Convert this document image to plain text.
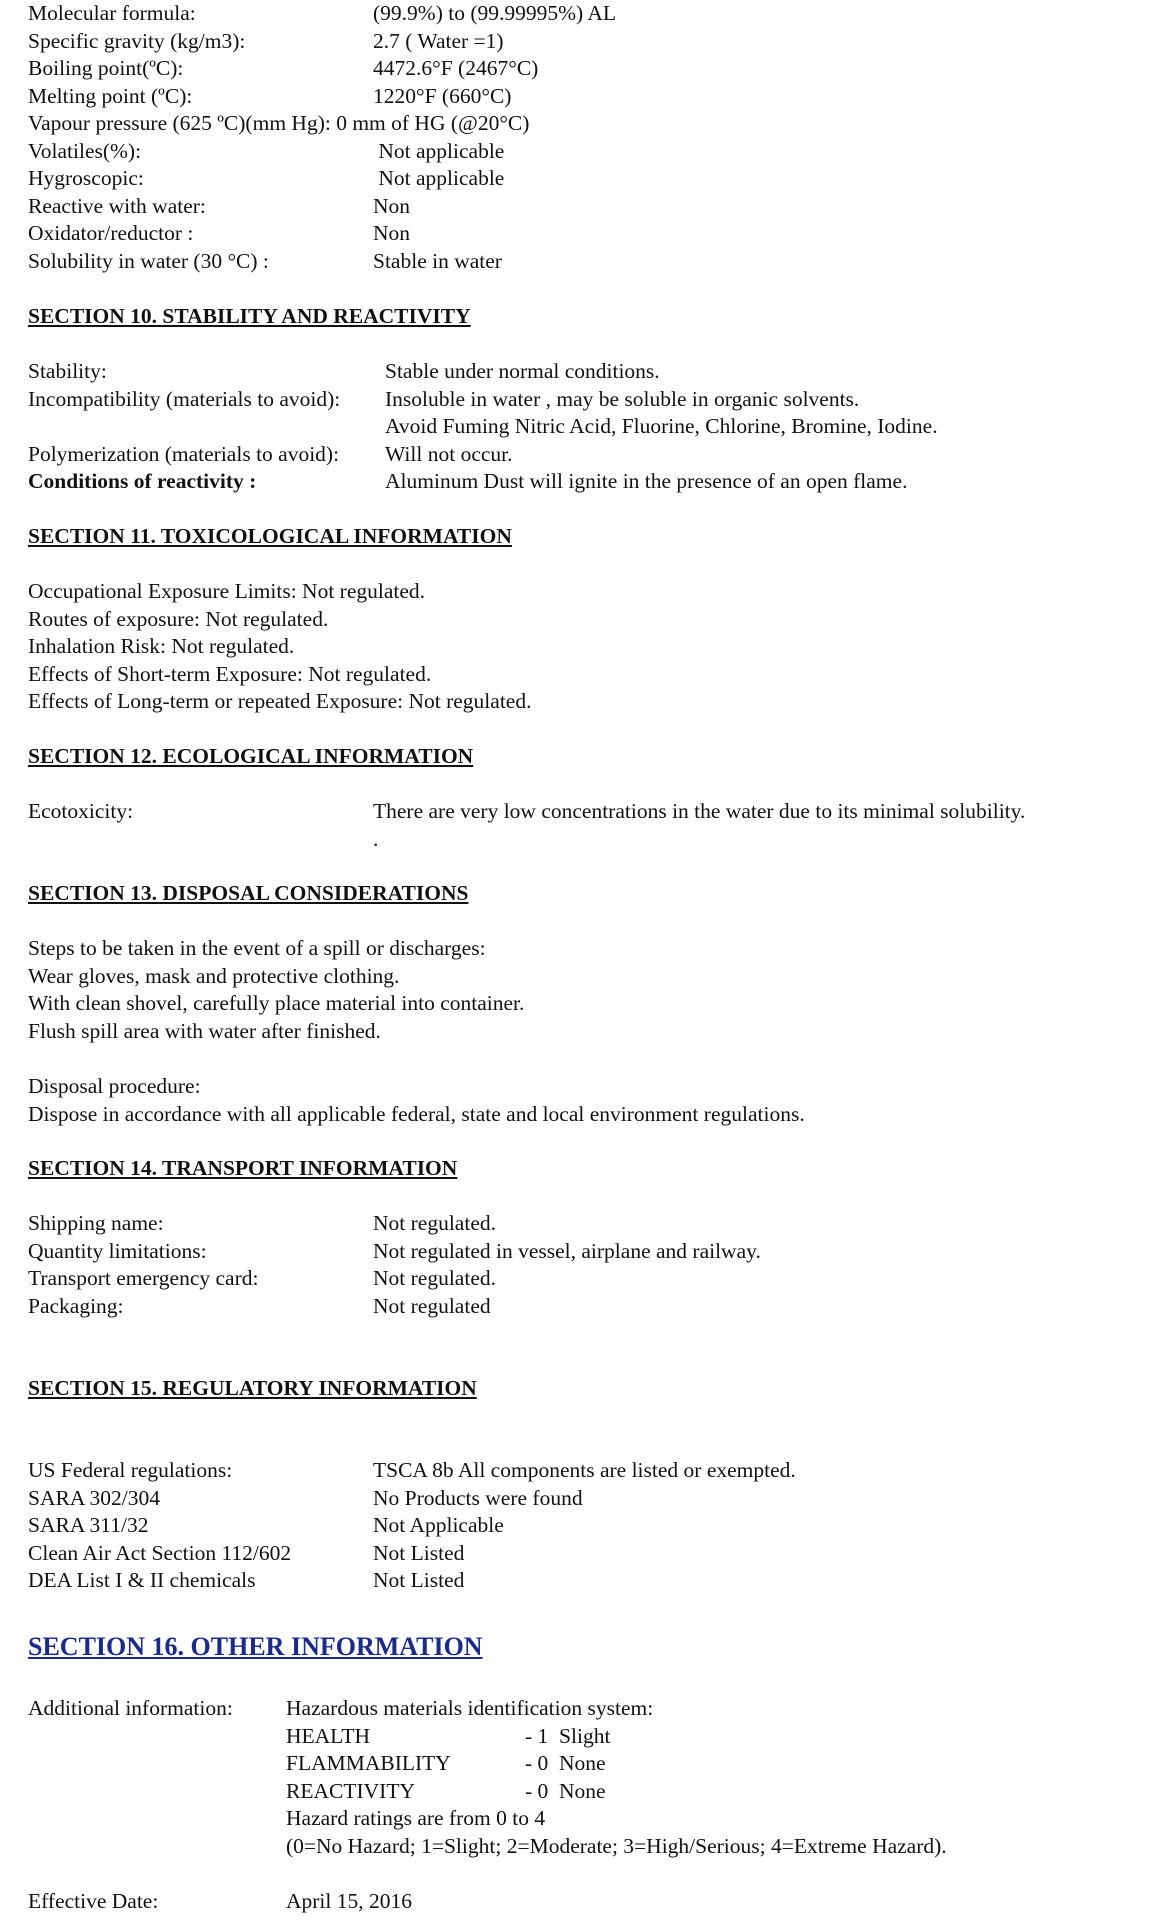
Molecular formula:	(99.9%) to (99.99995%) AL
Specific gravity (kg/m3):	2.7 ( Water =1)
Boiling point(ºC):	4472.6°F (2467°C)
Melting point (ºC):	1220°F (660°C)
Vapour pressure (625 ºC)(mm Hg): 0 mm of HG (@20°C)
Volatiles(%):	Not applicable
Hygroscopic:	Not applicable
Reactive with water:	Non
Oxidator/reductor :	Non
Solubility in water (30 °C) :	Stable in water
SECTION 10. STABILITY AND REACTIVITY
Stability:	Stable under normal conditions.
Incompatibility (materials to avoid): Insoluble in water , may be soluble in organic solvents.
Avoid Fuming Nitric Acid, Fluorine, Chlorine, Bromine, Iodine.
Polymerization (materials to avoid): Will not occur.
Conditions of reactivity :	Aluminum Dust will ignite in the presence of an open flame.
SECTION 11. TOXICOLOGICAL INFORMATION
Occupational Exposure Limits: Not regulated.
Routes of exposure: Not regulated.
Inhalation Risk: Not regulated.
Effects of Short-term Exposure: Not regulated.
Effects of Long-term or repeated Exposure: Not regulated.
SECTION 12. ECOLOGICAL INFORMATION
Ecotoxicity:	There are very low concentrations in the water due to its minimal solubility.
.
SECTION 13. DISPOSAL CONSIDERATIONS
Steps to be taken in the event of a spill or discharges:
Wear gloves, mask and protective clothing.
With clean shovel, carefully place material into container.
Flush spill area with water after finished.
Disposal procedure:
Dispose in accordance with all applicable federal, state and local environment regulations.
SECTION 14. TRANSPORT INFORMATION
Shipping name:	Not regulated.
Quantity limitations:	Not regulated in vessel, airplane and railway.
Transport emergency card:	Not regulated.
Packaging:	Not regulated
SECTION 15. REGULATORY INFORMATION
US Federal regulations:	TSCA 8b All components are listed or exempted.
SARA 302/304	No Products were found
SARA 311/32	Not Applicable
Clean Air Act Section 112/602	Not Listed
DEA List I & II chemicals	Not Listed
SECTION 16. OTHER INFORMATION
Additional information: Hazardous materials identification system:
HEALTH	- 1  Slight
FLAMMABILITY	- 0  None
REACTIVITY	- 0  None
Hazard ratings are from 0 to 4
(0=No Hazard; 1=Slight; 2=Moderate; 3=High/Serious; 4=Extreme Hazard).
Effective Date:	April 15, 2016
